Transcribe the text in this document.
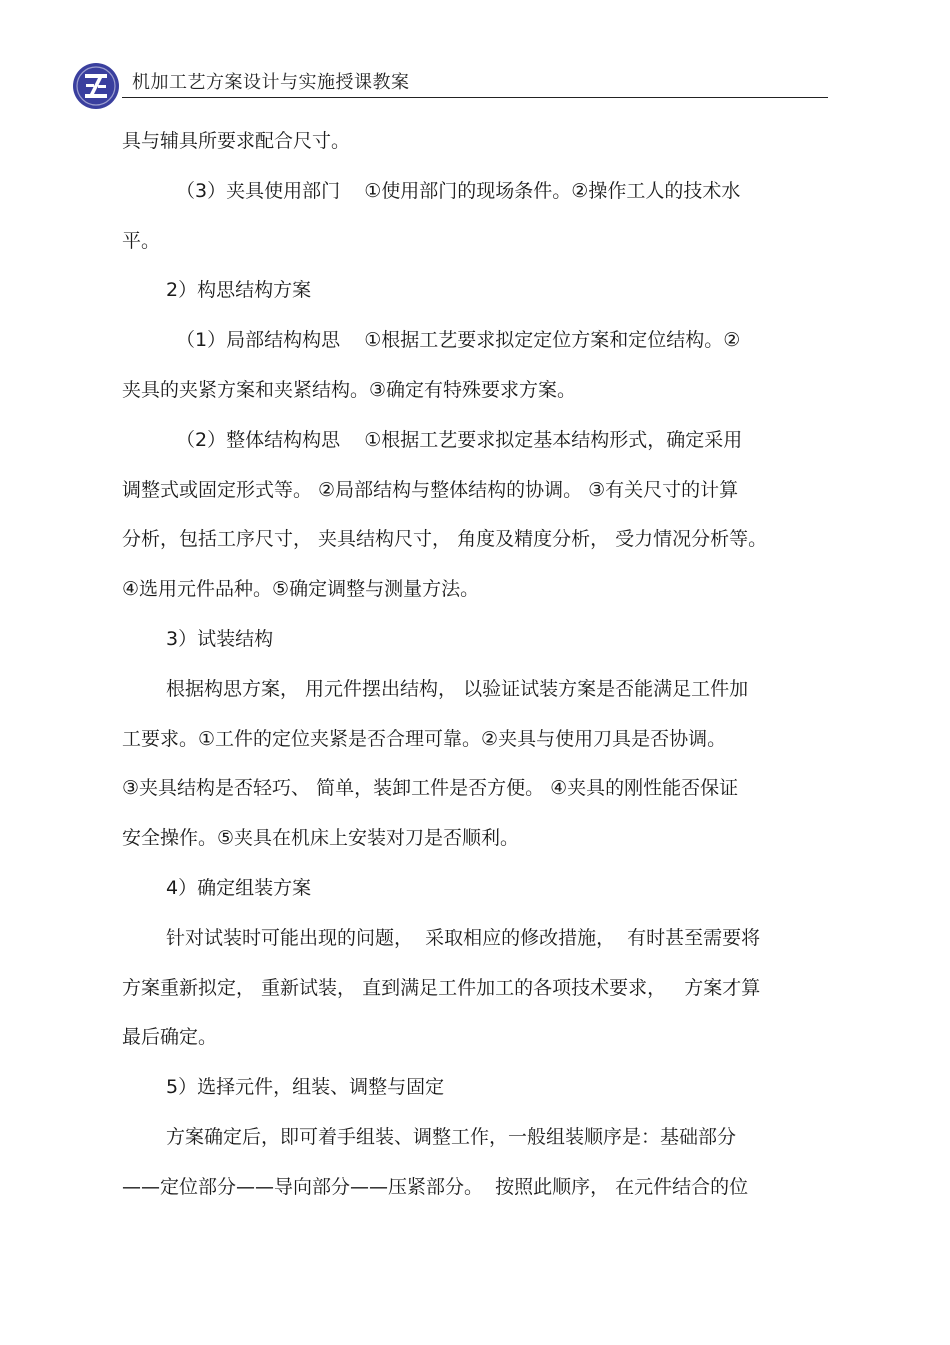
机加工艺方案设计与实施授课教案
具与辅具所要求配合尺寸。
（3）夹具使用部门    ①使用部门的现场条件。②操作工人的技术水
平。
2）构思结构方案
（1）局部结构构思    ①根据工艺要求拟定定位方案和定位结构。②
夹具的夹紧方案和夹紧结构。③确定有特殊要求方案。
（2）整体结构构思    ①根据工艺要求拟定基本结构形式，确定采用
调整式或固定形式等。 ②局部结构与整体结构的协调。 ③有关尺寸的计算
分析，包括工序尺寸， 夹具结构尺寸， 角度及精度分析， 受力情况分析等。
④选用元件品种。⑤确定调整与测量方法。
3）试装结构
根据构思方案， 用元件摆出结构， 以验证试装方案是否能满足工件加
工要求。①工件的定位夹紧是否合理可靠。②夹具与使用刀具是否协调。
③夹具结构是否轻巧、 简单，装卸工件是否方便。 ④夹具的刚性能否保证
安全操作。⑤夹具在机床上安装对刀是否顺利。
4）确定组装方案
针对试装时可能出现的问题，  采取相应的修改措施，  有时甚至需要将
方案重新拟定， 重新试装， 直到满足工件加工的各项技术要求，   方案才算
最后确定。
5）选择元件，组装、调整与固定
方案确定后，即可着手组装、调整工作，一般组装顺序是：基础部分
——定位部分——导向部分——压紧部分。  按照此顺序， 在元件结合的位
